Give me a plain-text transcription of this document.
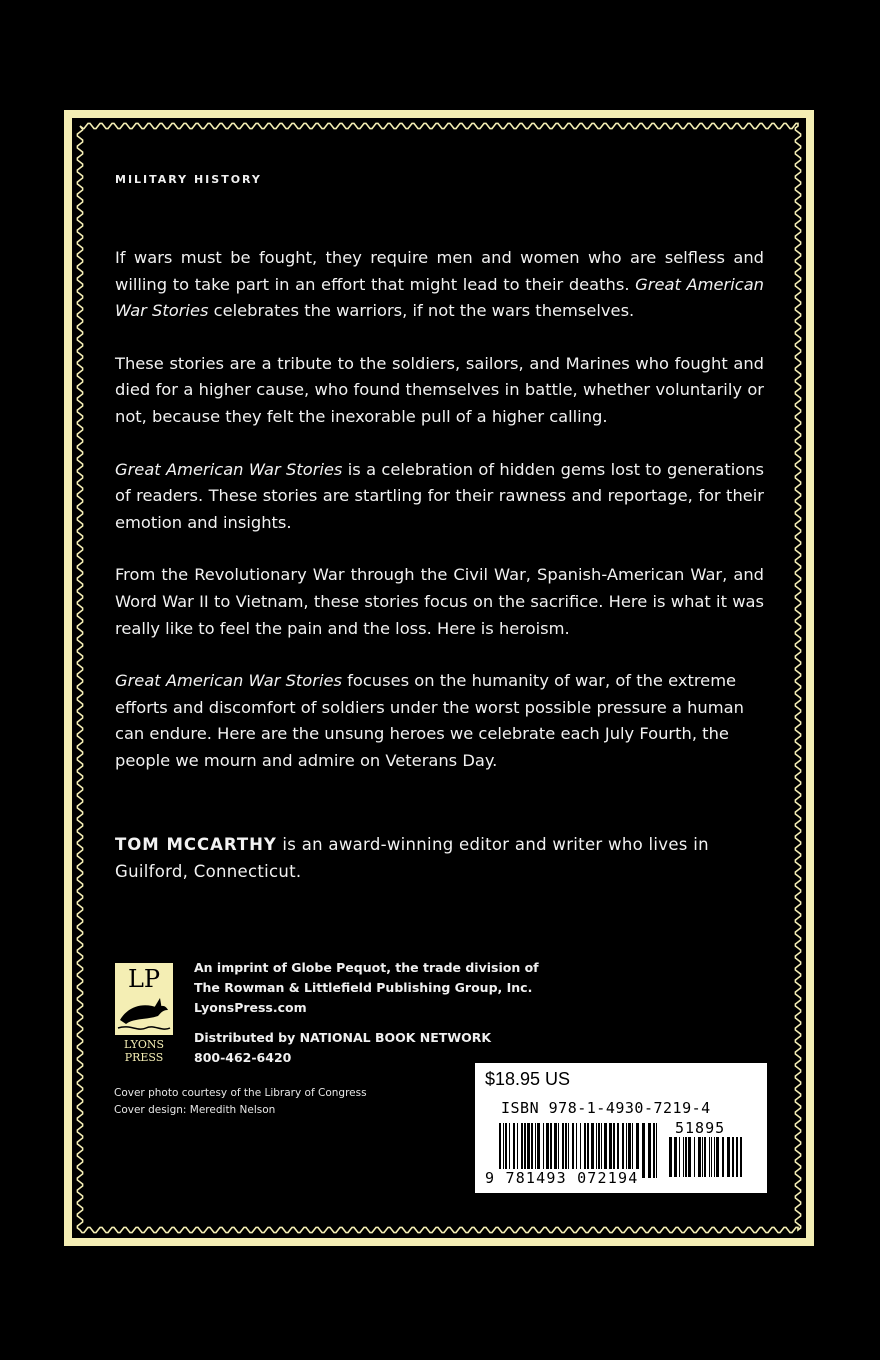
MILITARY HISTORY

If wars must be fought, they require men and women who are selfless and willing to take part in an effort that might lead to their deaths. Great American War Stories celebrates the warriors, if not the wars themselves.

These stories are a tribute to the soldiers, sailors, and Marines who fought and died for a higher cause, who found themselves in battle, whether voluntarily or not, because they felt the inexorable pull of a higher calling.

Great American War Stories is a celebration of hidden gems lost to generations of readers. These stories are startling for their rawness and reportage, for their emotion and insights.

From the Revolutionary War through the Civil War, Spanish-American War, and Word War II to Vietnam, these stories focus on the sacrifice. Here is what it was really like to feel the pain and the loss. Here is heroism.

Great American War Stories focuses on the humanity of war, of the extreme efforts and discomfort of soldiers under the worst possible pressure a human can endure. Here are the unsung heroes we celebrate each July Fourth, the people we mourn and admire on Veterans Day.

TOM MCCARTHY is an award-winning editor and writer who lives in Guilford, Connecticut.
LP
LYONS
PRESS
An imprint of Globe Pequot, the trade division of
The Rowman & Littlefield Publishing Group, Inc.
LyonsPress.com
Distributed by NATIONAL BOOK NETWORK
800-462-6420
Cover photo courtesy of the Library of Congress
Cover design: Meredith Nelson
$18.95 US
ISBN 978-1-4930-7219-4
51895
9 781493 072194
